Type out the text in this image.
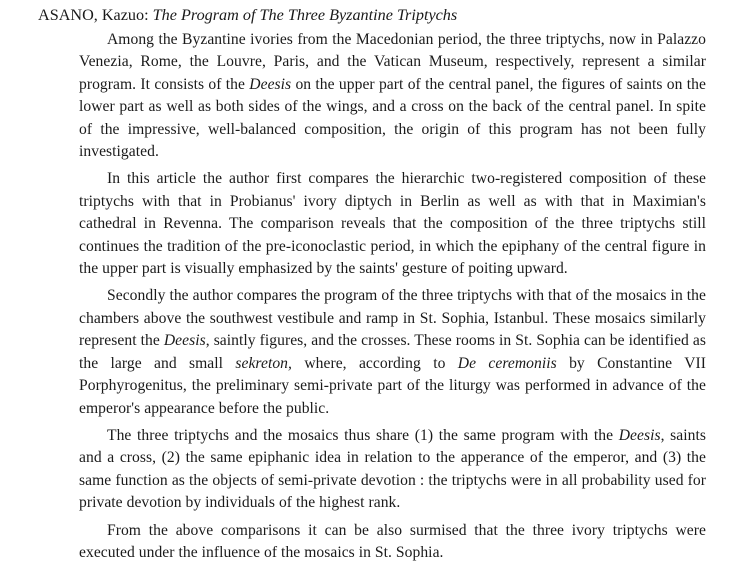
ASANO, Kazuo: The Program of The Three Byzantine Triptychs

Among the Byzantine ivories from the Macedonian period, the three triptychs, now in Palazzo Venezia, Rome, the Louvre, Paris, and the Vatican Museum, respectively, represent a similar program. It consists of the Deesis on the upper part of the central panel, the figures of saints on the lower part as well as both sides of the wings, and a cross on the back of the central panel. In spite of the impressive, well-balanced composition, the origin of this program has not been fully investigated.

In this article the author first compares the hierarchic two-registered composition of these triptychs with that in Probianus' ivory diptych in Berlin as well as with that in Maximian's cathedral in Revenna. The comparison reveals that the composition of the three triptychs still continues the tradition of the pre-iconoclastic period, in which the epiphany of the central figure in the upper part is visually emphasized by the saints' gesture of poiting upward.

Secondly the author compares the program of the three triptychs with that of the mosaics in the chambers above the southwest vestibule and ramp in St. Sophia, Istanbul. These mosaics similarly represent the Deesis, saintly figures, and the crosses. These rooms in St. Sophia can be identified as the large and small sekreton, where, according to De ceremoniis by Constantine VII Porphyrogenitus, the preliminary semi-private part of the liturgy was performed in advance of the emperor's appearance before the public.

The three triptychs and the mosaics thus share (1) the same program with the Deesis, saints and a cross, (2) the same epiphanic idea in relation to the apperance of the emperor, and (3) the same function as the objects of semi-private devotion : the triptychs were in all probability used for private devotion by individuals of the highest rank.

From the above comparisons it can be also surmised that the three ivory triptychs were executed under the influence of the mosaics in St. Sophia.
